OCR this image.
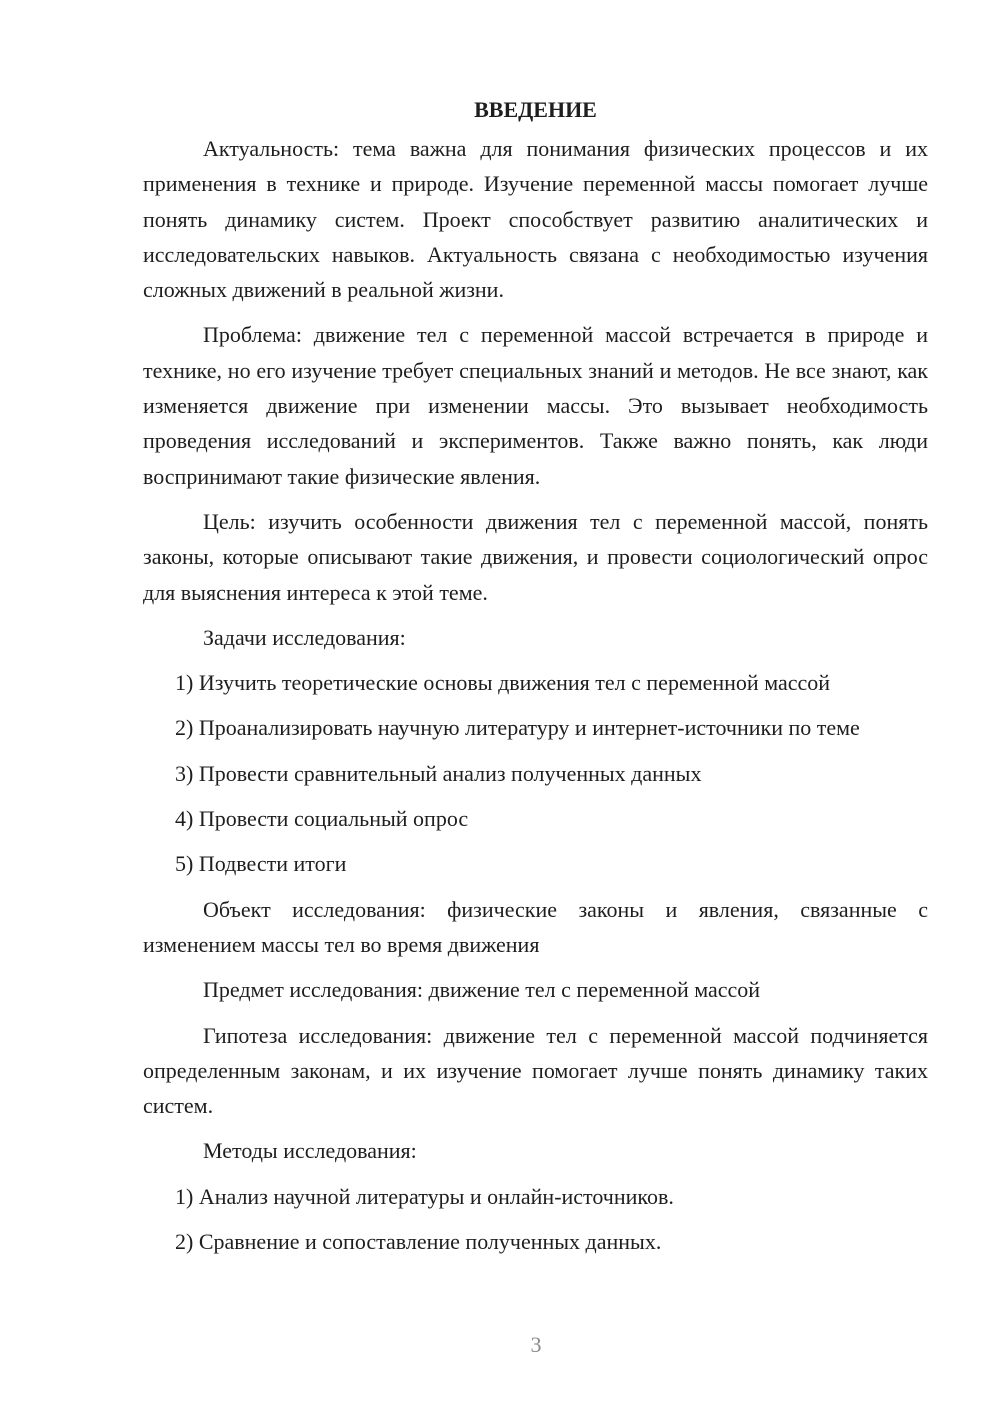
ВВЕДЕНИЕ
Актуальность: тема важна для понимания физических процессов и их применения в технике и природе. Изучение переменной массы помогает лучше понять динамику систем. Проект способствует развитию аналитических и исследовательских навыков. Актуальность связана с необходимостью изучения сложных движений в реальной жизни.
Проблема: движение тел с переменной массой встречается в природе и технике, но его изучение требует специальных знаний и методов. Не все знают, как изменяется движение при изменении массы. Это вызывает необходимость проведения исследований и экспериментов. Также важно понять, как люди воспринимают такие физические явления.
Цель: изучить особенности движения тел с переменной массой, понять законы, которые описывают такие движения, и провести социологический опрос для выяснения интереса к этой теме.
Задачи исследования:
1) Изучить теоретические основы движения тел с переменной массой
2) Проанализировать научную литературу и интернет-источники по теме
3) Провести сравнительный анализ полученных данных
4) Провести социальный опрос
5) Подвести итоги
Объект исследования: физические законы и явления, связанные с изменением массы тел во время движения
Предмет исследования: движение тел с переменной массой
Гипотеза исследования: движение тел с переменной массой подчиняется определенным законам, и их изучение помогает лучше понять динамику таких систем.
Методы исследования:
1) Анализ научной литературы и онлайн-источников.
2) Сравнение и сопоставление полученных данных.
3
